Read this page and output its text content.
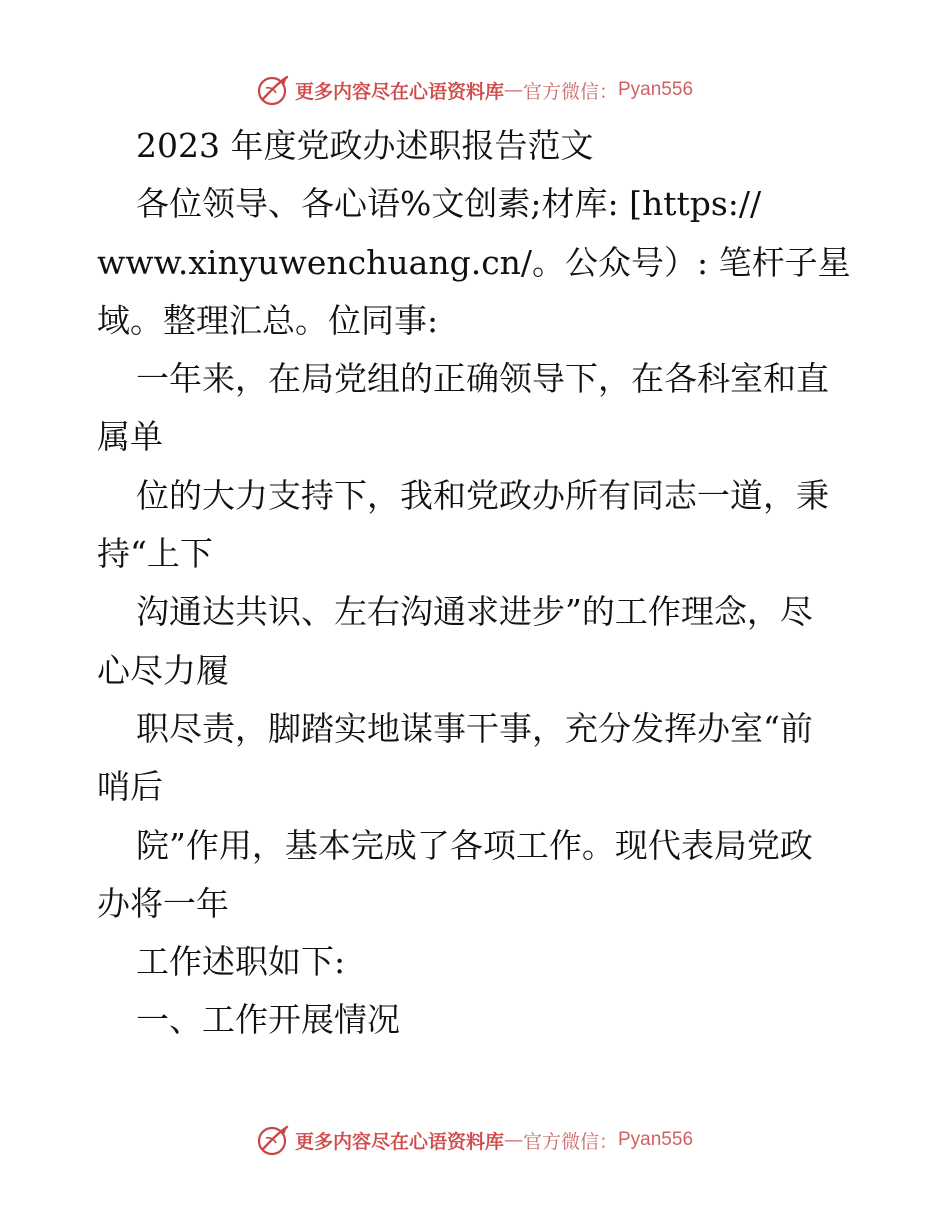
更多内容尽在心语资料库 — 官方微信： Pyan556
2023 年度党政办述职报告范文
各位领导、各心语%文创素;材库: [https://
www.xinyuwenchuang.cn/。公众号）: 笔杆子星
域。整理汇总。位同事:
一年来，在局党组的正确领导下，在各科室和直
属单
位的大力支持下，我和党政办所有同志一道，秉
持“上下
沟通达共识、左右沟通求进步”的工作理念，尽
心尽力履
职尽责，脚踏实地谋事干事，充分发挥办室“前
哨后
院”作用，基本完成了各项工作。现代表局党政
办将一年
工作述职如下:
一、工作开展情况
更多内容尽在心语资料库 — 官方微信： Pyan556
